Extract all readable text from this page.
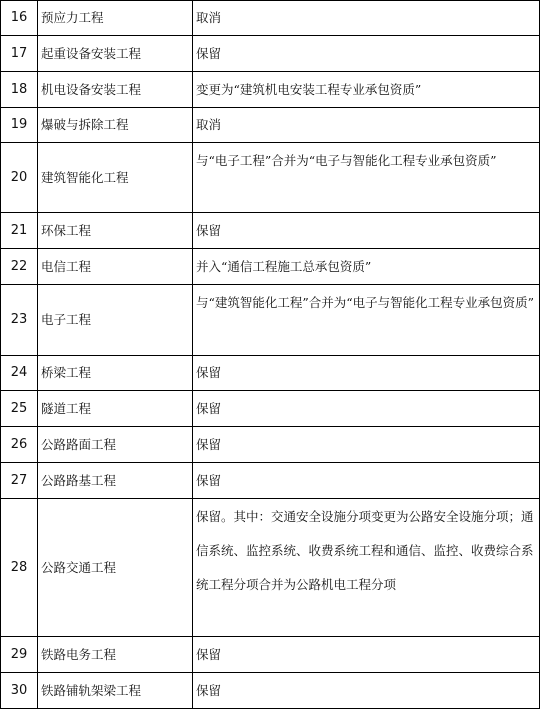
16	预应力工程	取消
17	起重设备安装工程	保留
18	机电设备安装工程	变更为“建筑机电安装工程专业承包资质”
19	爆破与拆除工程	取消
20	建筑智能化工程	与“电子工程”合并为“电子与智能化工程专业承包资质”
21	环保工程	保留
22	电信工程	并入“通信工程施工总承包资质”
23	电子工程	与“建筑智能化工程”合并为“电子与智能化工程专业承包资质”
24	桥梁工程	保留
25	隧道工程	保留
26	公路路面工程	保留
27	公路路基工程	保留
28	公路交通工程	保留。其中：交通安全设施分项变更为公路安全设施分项；通信系统、监控系统、收费系统工程和通信、监控、收费综合系统工程分项合并为公路机电工程分项
29	铁路电务工程	保留
30	铁路铺轨架梁工程	保留
